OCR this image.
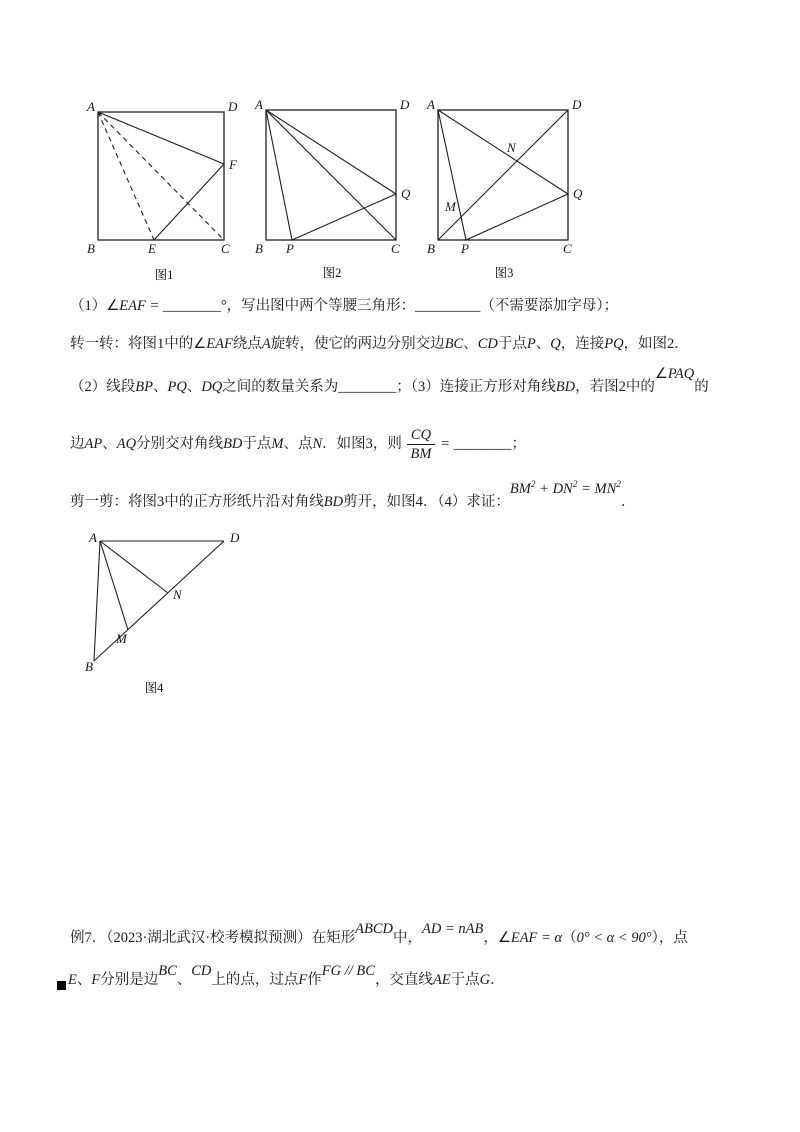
A	D
B	C
E
F
图1
A	D
B	C
P
Q
图2
A	D
B	C
P
Q
M
N
图3
（1）∠EAF = ________°，写出图中两个等腰三角形：_________（不需要添加字母）；
转一转：将图1中的∠EAF绕点A旋转，使它的两边分别交边BC、CD于点P、Q，连接PQ，如图2．
（2）线段BP、PQ、DQ之间的数量关系为________；（3）连接正方形对角线BD，若图2中的∠PAQ的
边AP、AQ分别交对角线BD于点M、点N．如图3，则 $\frac{CQ}{BM}$ = ________；
剪一剪：将图3中的正方形纸片沿对角线BD剪开，如图4．（4）求证：$BM^2 + DN^2 = MN^2$．
A	D
B
M
N
图4
例7．（2023·湖北武汉·校考模拟预测）在矩形ABCD中，AD = nAB，∠EAF = α（0° < α < 90°），点
E、F分别是边BC、CD上的点，过点F作FG // BC，交直线AE于点G．
